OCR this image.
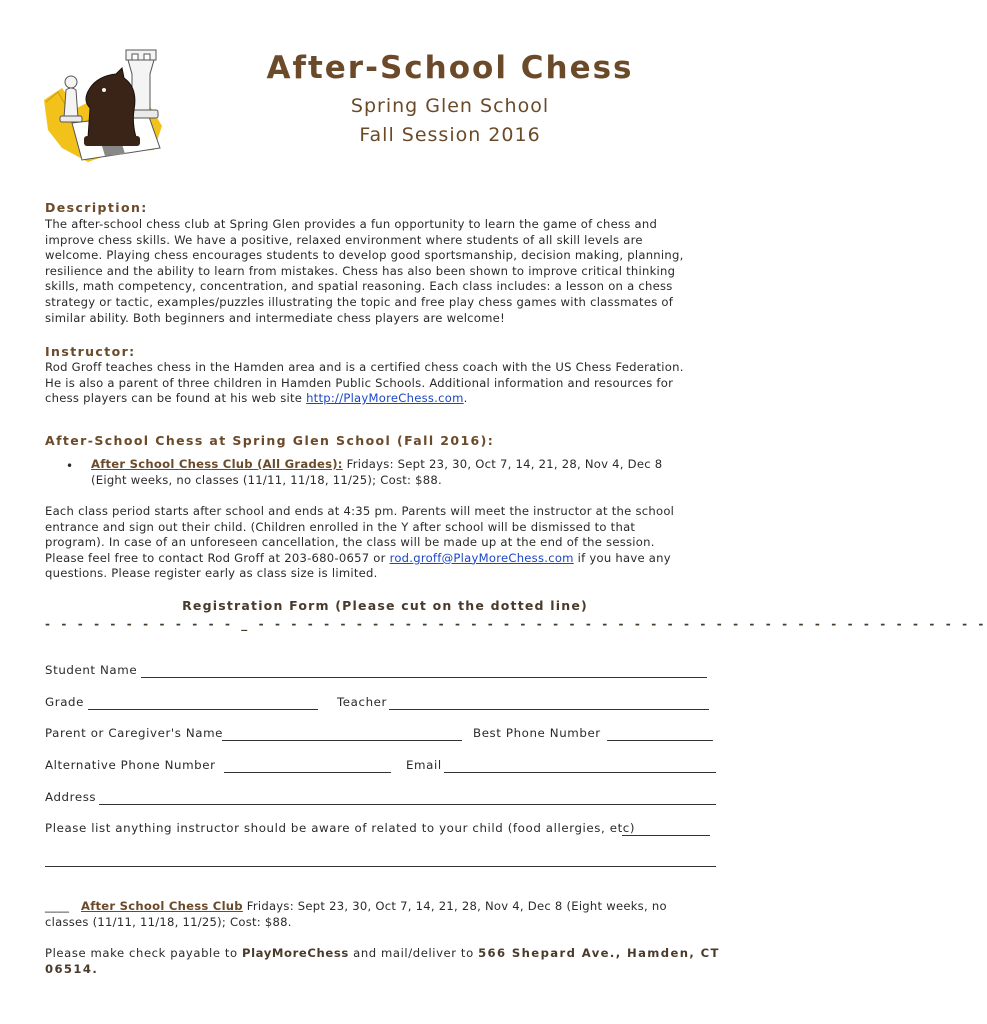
After-School Chess
Spring Glen School
Fall Session 2016
Description:
The after-school chess club at Spring Glen provides a fun opportunity to learn the game of chess and
improve chess skills. We have a positive, relaxed environment where students of all skill levels are
welcome. Playing chess encourages students to develop good sportsmanship, decision making, planning,
resilience and the ability to learn from mistakes. Chess has also been shown to improve critical thinking
skills, math competency, concentration, and spatial reasoning. Each class includes: a lesson on a chess
strategy or tactic, examples/puzzles illustrating the topic and free play chess games with classmates of
similar ability. Both beginners and intermediate chess players are welcome!
Instructor:
Rod Groff teaches chess in the Hamden area and is a certified chess coach with the US Chess Federation.
He is also a parent of three children in Hamden Public Schools. Additional information and resources for
chess players can be found at his web site http://PlayMoreChess.com.
After-School Chess at Spring Glen School (Fall 2016):
• After School Chess Club (All Grades): Fridays: Sept 23, 30, Oct 7, 14, 21, 28, Nov 4, Dec 8
(Eight weeks, no classes (11/11, 11/18, 11/25); Cost: $88.
Each class period starts after school and ends at 4:35 pm. Parents will meet the instructor at the school
entrance and sign out their child. (Children enrolled in the Y after school will be dismissed to that
program). In case of an unforeseen cancellation, the class will be made up at the end of the session.
Please feel free to contact Rod Groff at 203-680-0657 or rod.groff@PlayMoreChess.com if you have any
questions. Please register early as class size is limited.
Registration Form (Please cut on the dotted line)
- - - - - - - - - - - - _ - - - - - - - - - - - - - - - - - - - - - - - - - - - - - - - - - - - - - - - - - - - - -
Student Name
Grade	Teacher
Parent or Caregiver's Name	Best Phone Number
Alternative Phone Number	Email
Address
Please list anything instructor should be aware of related to your child (food allergies, etc)
____ After School Chess Club Fridays: Sept 23, 30, Oct 7, 14, 21, 28, Nov 4, Dec 8 (Eight weeks, no
classes (11/11, 11/18, 11/25); Cost: $88.
Please make check payable to PlayMoreChess and mail/deliver to 566 Shepard Ave., Hamden, CT
06514.
